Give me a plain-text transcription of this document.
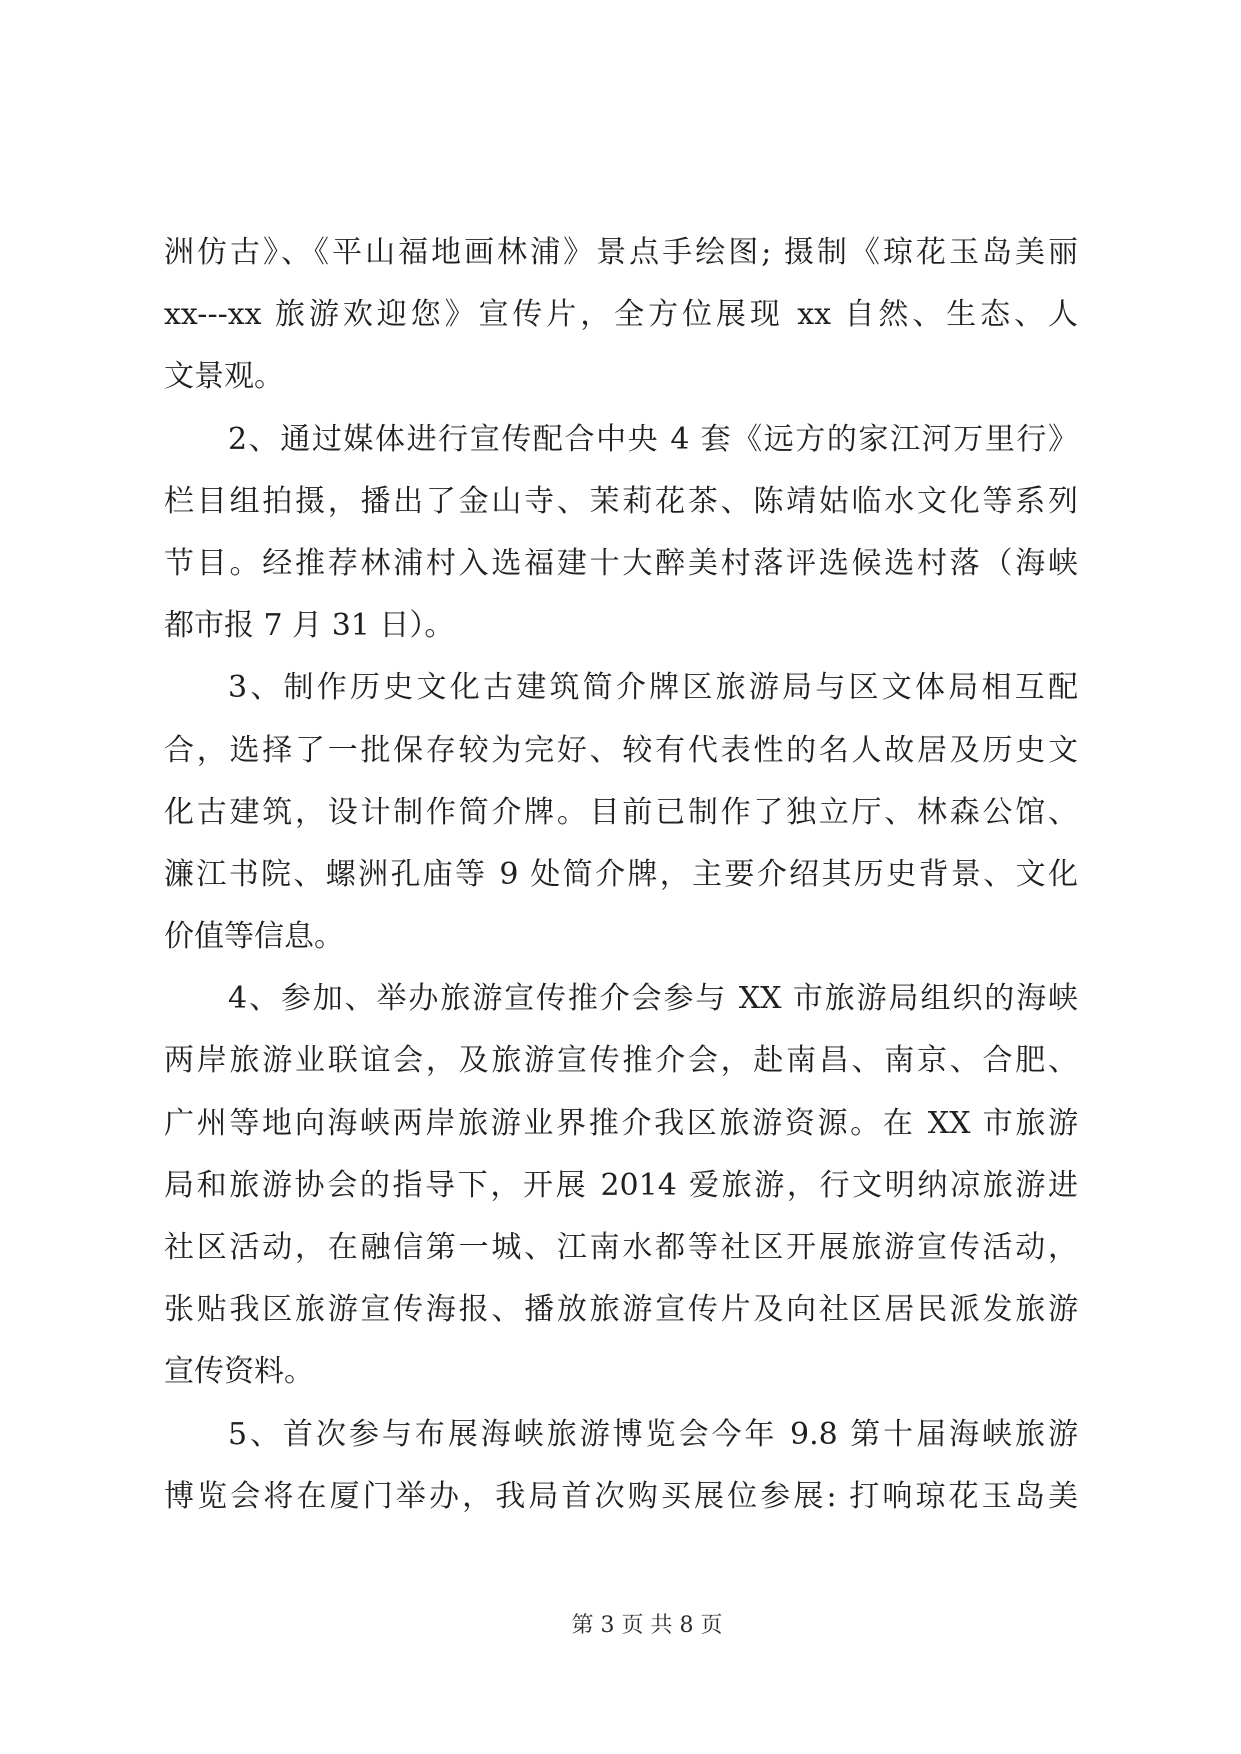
洲仿古》、《平山福地画林浦》景点手绘图; 摄制《琼花玉岛美丽
xx---xx 旅游欢迎您》宣传片，全方位展现 xx 自然、生态、人
文景观。
2、通过媒体进行宣传配合中央 4 套《远方的家江河万里行》
栏目组拍摄，播出了金山寺、茉莉花茶、陈靖姑临水文化等系列
节目。经推荐林浦村入选福建十大醉美村落评选候选村落（海峡
都市报 7 月 31 日）。
3、制作历史文化古建筑简介牌区旅游局与区文体局相互配
合，选择了一批保存较为完好、较有代表性的名人故居及历史文
化古建筑，设计制作简介牌。目前已制作了独立厅、林森公馆、
濂江书院、螺洲孔庙等 9 处简介牌，主要介绍其历史背景、文化
价值等信息。
4、参加、举办旅游宣传推介会参与 XX 市旅游局组织的海峡
两岸旅游业联谊会，及旅游宣传推介会，赴南昌、南京、合肥、
广州等地向海峡两岸旅游业界推介我区旅游资源。在 XX 市旅游
局和旅游协会的指导下，开展 2014 爱旅游，行文明纳凉旅游进
社区活动，在融信第一城、江南水都等社区开展旅游宣传活动，
张贴我区旅游宣传海报、播放旅游宣传片及向社区居民派发旅游
宣传资料。
5、首次参与布展海峡旅游博览会今年 9.8 第十届海峡旅游
博览会将在厦门举办，我局首次购买展位参展: 打响琼花玉岛美
第 3 页 共 8 页
